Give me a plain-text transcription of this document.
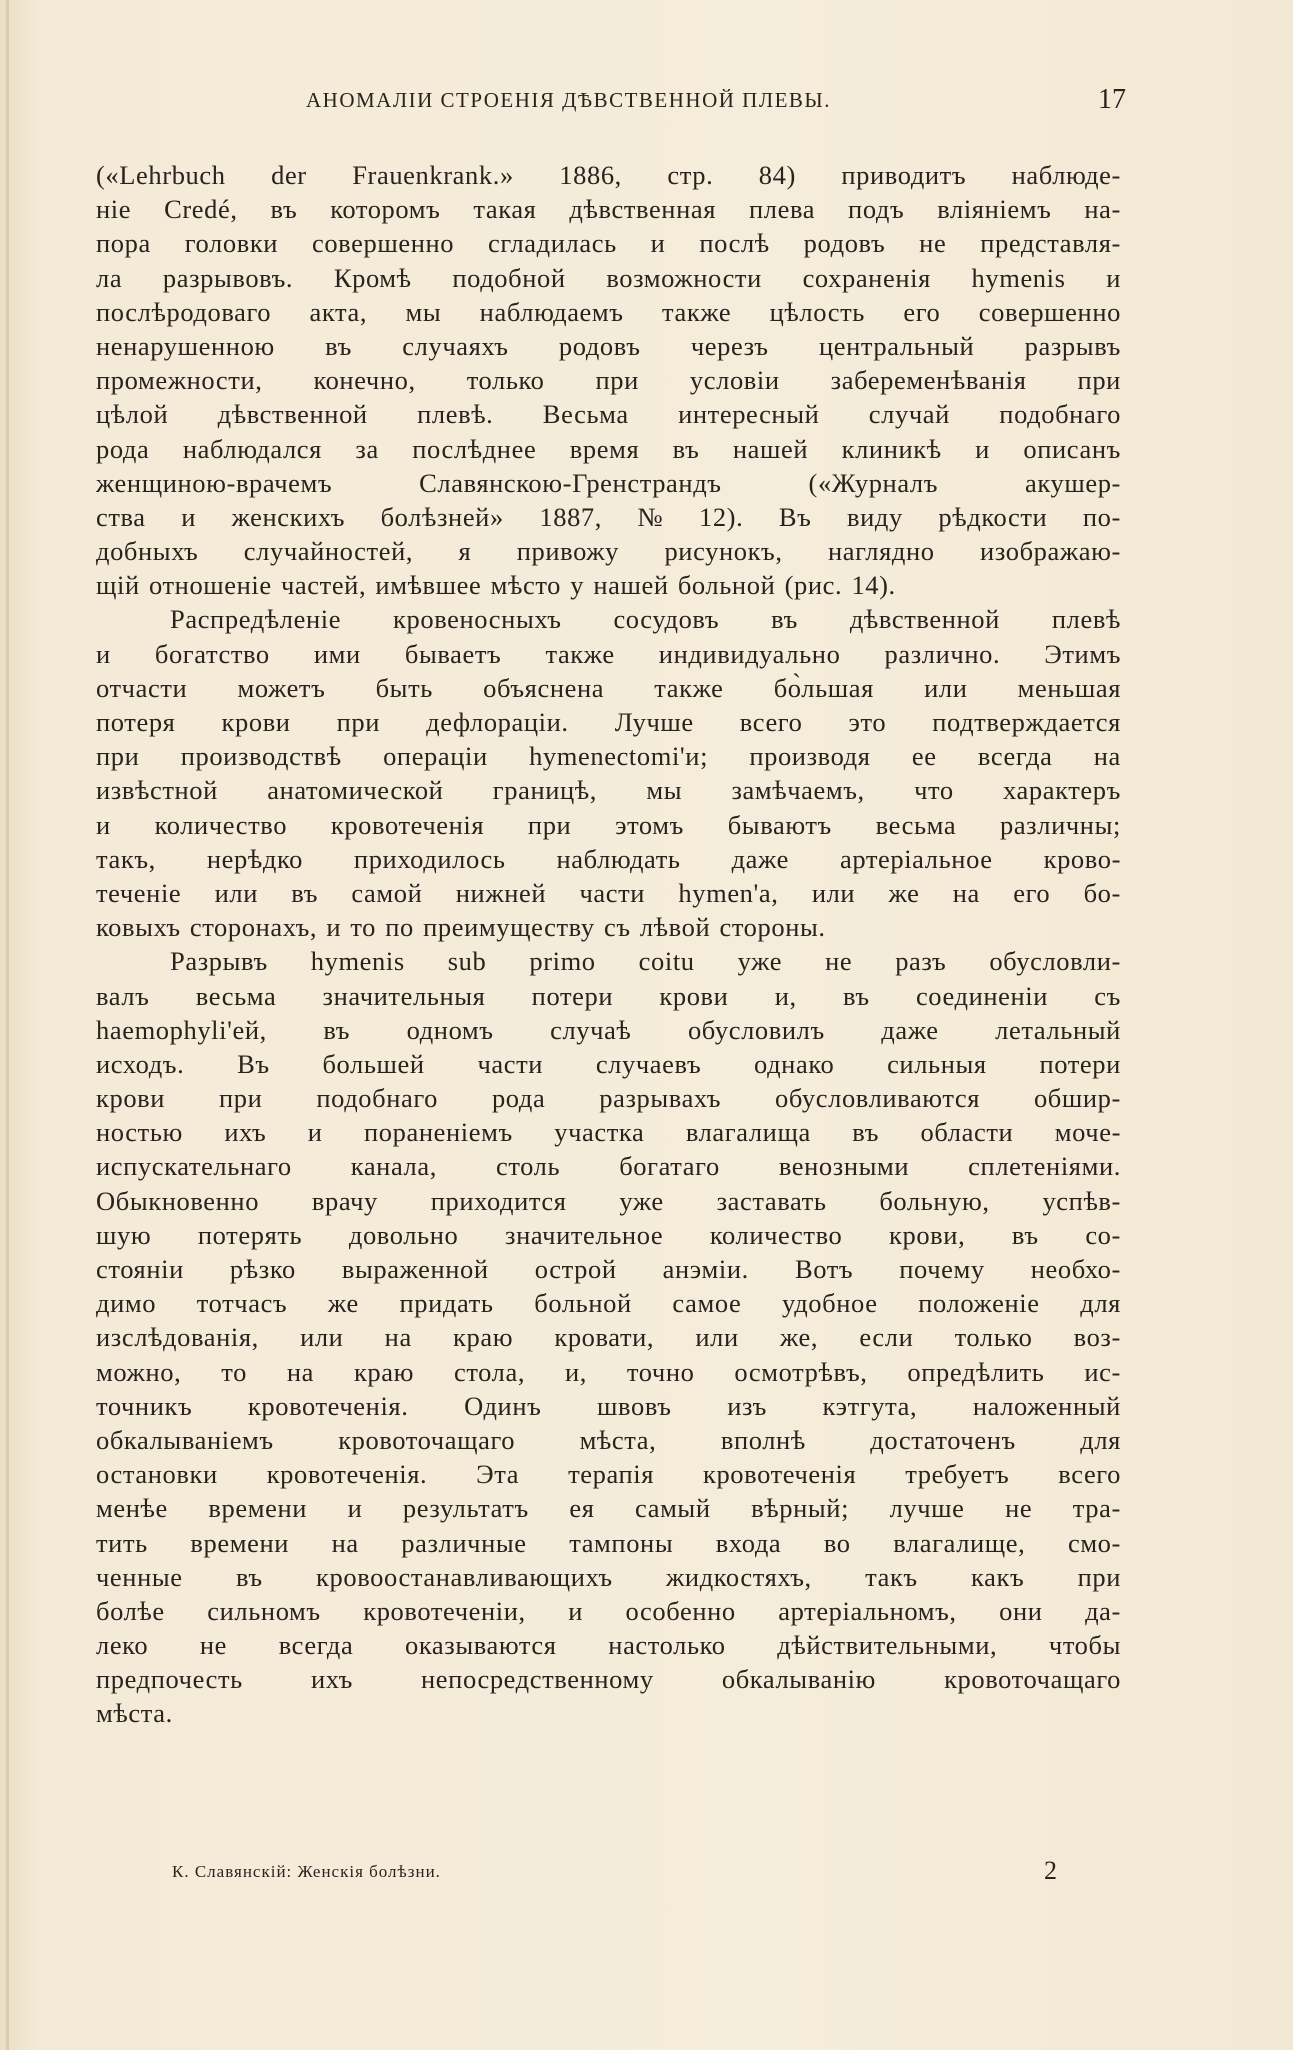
АНОМАЛІИ СТРОЕНІЯ ДѢВСТВЕННОЙ ПЛЕВЫ.	17
(«Lehrbuch der Frauenkrank.» 1886, стр. 84) приводитъ наблюде-
ніе Credé, въ которомъ такая дѣвственная плева подъ вліяніемъ на-
пора головки совершенно сгладилась и послѣ родовъ не представля-
ла разрывовъ. Кромѣ подобной возможности сохраненія hymenis и
послѣродоваго акта, мы наблюдаемъ также цѣлость его совершенно
ненарушенною въ случаяхъ родовъ черезъ центральный разрывъ
промежности, конечно, только при условіи забеременѣванія при
цѣлой дѣвственной плевѣ. Весьма интересный случай подобнаго
рода наблюдался за послѣднее время въ нашей клиникѣ и описанъ
женщиною-врачемъ	Славянскою-Гренстрандъ	(«Журналъ	акушер-
ства и женскихъ болѣзней» 1887, № 12). Въ виду рѣдкости по-
добныхъ случайностей, я привожу рисунокъ, наглядно изображаю-
щій отношеніе частей, имѣвшее мѣсто у нашей больной (рис. 14).
Распредѣленіе кровеносныхъ сосудовъ въ дѣвственной плевѣ
и богатство ими бываетъ также индивидуально различно. Этимъ
отчасти можетъ быть объяснена также бо̀льшая или меньшая
потеря крови при дефлораціи. Лучше всего это подтверждается
при производствѣ операціи hymenectomi'и; производя ее всегда на
извѣстной анатомической границѣ, мы замѣчаемъ, что характеръ
и количество кровотеченія при этомъ бываютъ весьма различны;
такъ, нерѣдко приходилось наблюдать даже артеріальное крово-
теченіе или въ самой нижней части hymen'а, или же на его бо-
ковыхъ сторонахъ, и то по преимуществу съ лѣвой стороны.
Разрывъ hymenis sub primo coitu уже не разъ обусловли-
валъ весьма значительныя потери крови и, въ соединеніи съ
haemophyli'ей, въ одномъ случаѣ обусловилъ даже летальный
исходъ. Въ большей части случаевъ однако сильныя потери
крови при подобнаго рода разрывахъ обусловливаются обшир-
ностью ихъ и пораненіемъ участка влагалища въ области моче-
испускательнаго канала, столь богатаго венозными сплетеніями.
Обыкновенно врачу приходится уже заставать больную, успѣв-
шую потерять довольно значительное количество крови, въ со-
стояніи рѣзко выраженной острой анэміи. Вотъ почему необхо-
димо тотчасъ же придать больной самое удобное положеніе для
изслѣдованія, или на краю кровати, или же, если только воз-
можно, то на краю стола, и, точно осмотрѣвъ, опредѣлить ис-
точникъ кровотеченія. Одинъ швовъ изъ кэтгута, наложенный
обкалываніемъ кровоточащаго мѣста, вполнѣ достаточенъ для
остановки кровотеченія. Эта терапія кровотеченія требуетъ всего
менѣе времени и результатъ ея самый вѣрный; лучше не тра-
тить времени на различные тампоны входа во влагалище, смо-
ченные въ кровоостанавливающихъ жидкостяхъ, такъ какъ при
болѣе сильномъ кровотеченіи, и особенно артеріальномъ, они да-
леко не всегда оказываются настолько дѣйствительными, чтобы
предпочесть	ихъ	непосредственному	обкалыванію	кровоточащаго
мѣста.
К. Славянскій: Женскія болѣзни.	2
